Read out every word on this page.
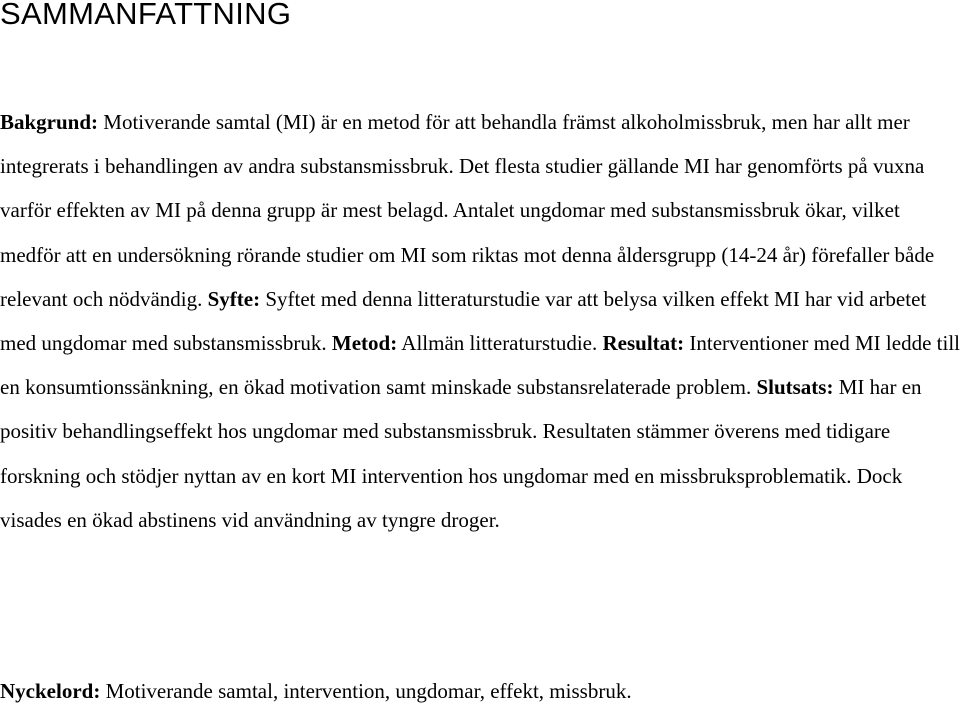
SAMMANFATTNING

Bakgrund: Motiverande samtal (MI) är en metod för att behandla främst alkoholmissbruk, men har allt mer integrerats i behandlingen av andra substansmissbruk. Det flesta studier gällande MI har genomförts på vuxna varför effekten av MI på denna grupp är mest belagd. Antalet ungdomar med substansmissbruk ökar, vilket medför att en undersökning rörande studier om MI som riktas mot denna åldersgrupp (14-24 år) förefaller både relevant och nödvändig. Syfte: Syftet med denna litteraturstudie var att belysa vilken effekt MI har vid arbetet med ungdomar med substansmissbruk. Metod: Allmän litteraturstudie. Resultat: Interventioner med MI ledde till en konsumtionssänkning, en ökad motivation samt minskade substansrelaterade problem. Slutsats: MI har en positiv behandlingseffekt hos ungdomar med substansmissbruk. Resultaten stämmer överens med tidigare forskning och stödjer nyttan av en kort MI intervention hos ungdomar med en missbruksproblematik. Dock visades en ökad abstinens vid användning av tyngre droger.

Nyckelord: Motiverande samtal, intervention, ungdomar, effekt, missbruk.
